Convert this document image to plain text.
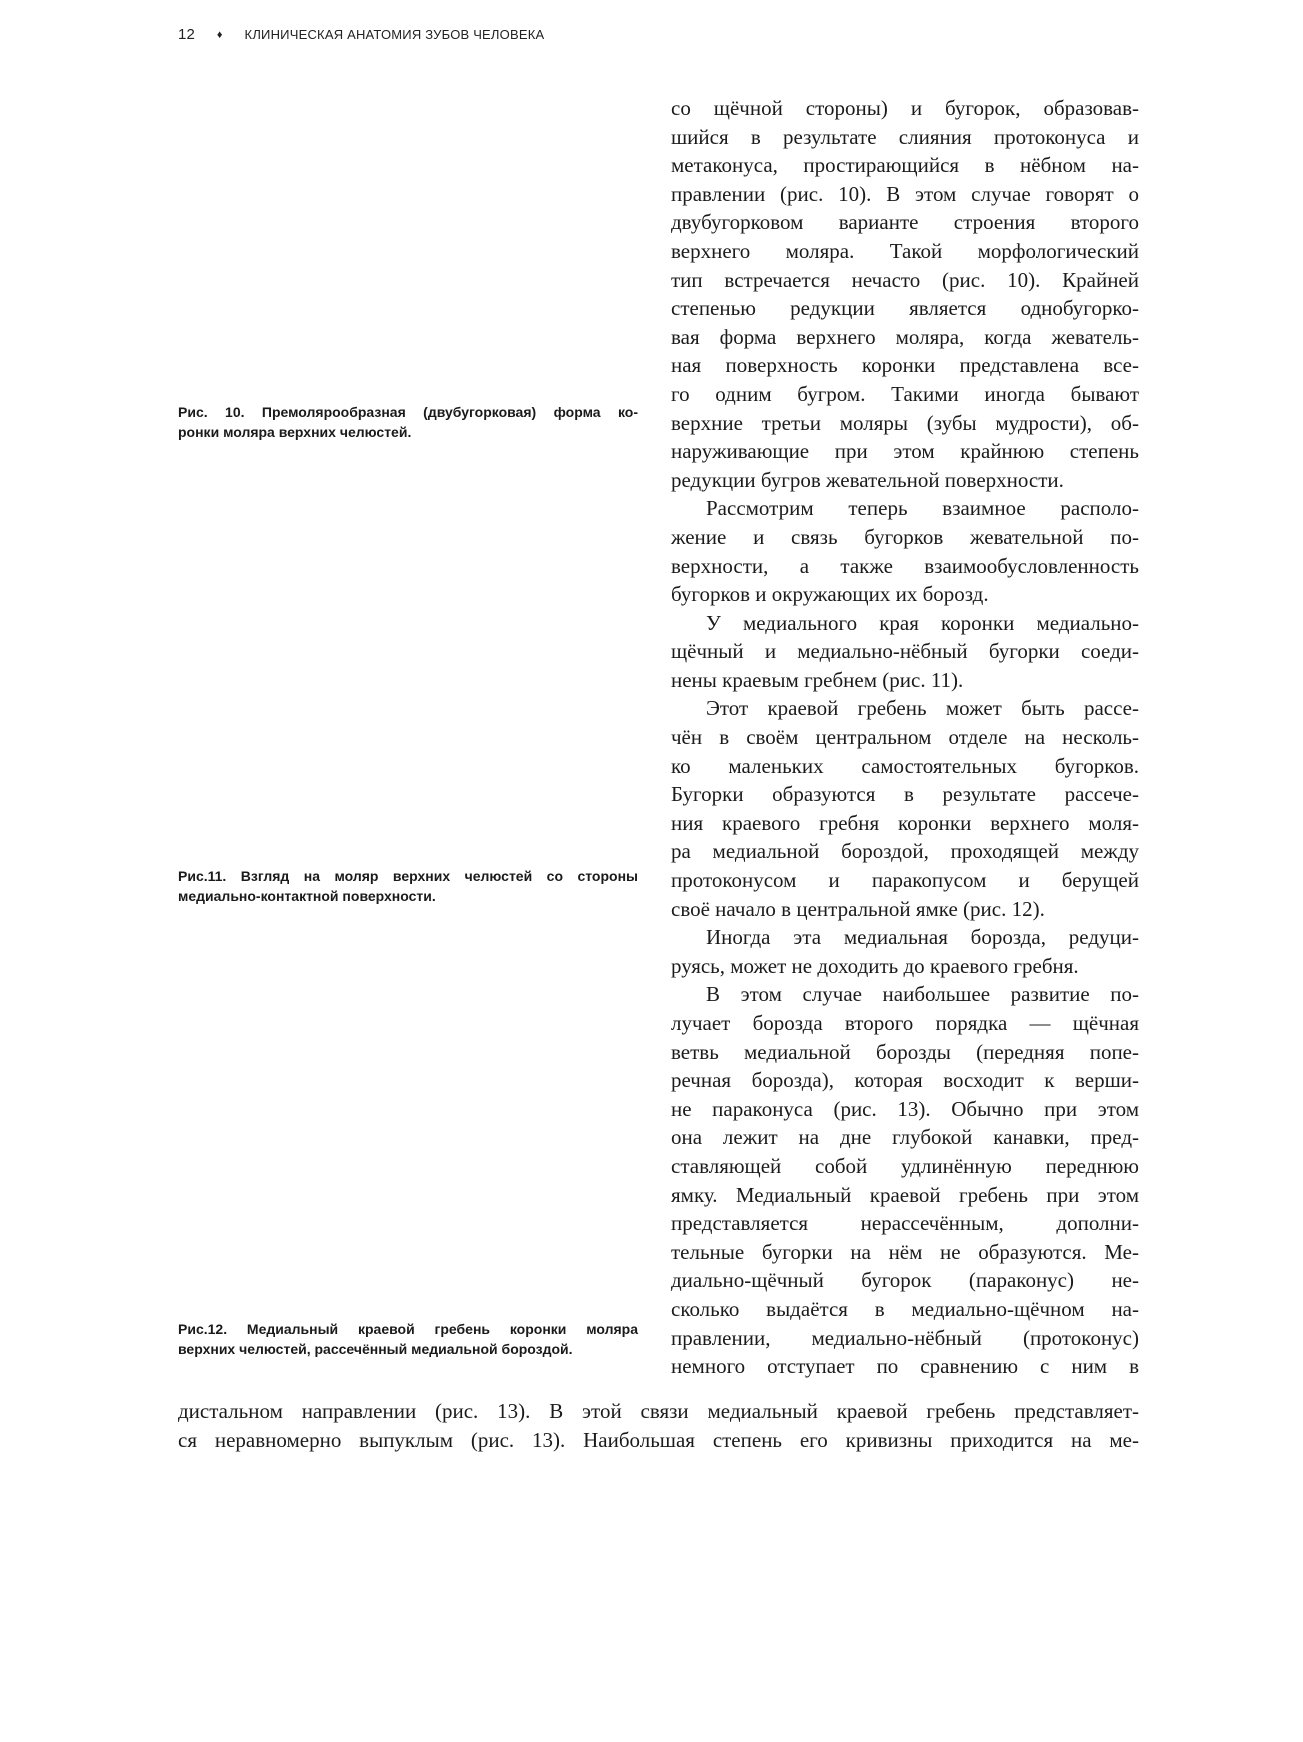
12 ♦ КЛИНИЧЕСКАЯ АНАТОМИЯ ЗУБОВ ЧЕЛОВЕКА
Рис. 10. Премолярообразная (двубугорковая) форма ко-
ронки моляра верхних челюстей.
Рис.11. Взгляд на моляр верхних челюстей со стороны
медиально-контактной поверхности.
Рис.12. Медиальный краевой гребень коронки моляра
верхних челюстей, рассечённый медиальной бороздой.
со щёчной стороны) и бугорок, образовав-
шийся в результате слияния протоконуса и
метаконуса, простирающийся в нёбном на-
правлении (рис. 10). В этом случае говорят о
двубугорковом варианте строения второго
верхнего моляра. Такой морфологический
тип встречается нечасто (рис. 10). Крайней
степенью редукции является однобугорко-
вая форма верхнего моляра, когда жеватель-
ная поверхность коронки представлена все-
го одним бугром. Такими иногда бывают
верхние третьи моляры (зубы мудрости), об-
наруживающие при этом крайнюю степень
редукции бугров жевательной поверхности.
Рассмотрим теперь взаимное располо-
жение и связь бугорков жевательной по-
верхности, а также взаимообусловленность
бугорков и окружающих их борозд.
У медиального края коронки медиально-
щёчный и медиально-нёбный бугорки соеди-
нены краевым гребнем (рис. 11).
Этот краевой гребень может быть рассе-
чён в своём центральном отделе на несколь-
ко маленьких самостоятельных бугорков.
Бугорки образуются в результате рассече-
ния краевого гребня коронки верхнего моля-
ра медиальной бороздой, проходящей между
протоконусом и паракопусом и берущей
своё начало в центральной ямке (рис. 12).
Иногда эта медиальная борозда, редуци-
руясь, может не доходить до краевого гребня.
В этом случае наибольшее развитие по-
лучает борозда второго порядка — щёчная
ветвь медиальной борозды (передняя попе-
речная борозда), которая восходит к верши-
не параконуса (рис. 13). Обычно при этом
она лежит на дне глубокой канавки, пред-
ставляющей собой удлинённую переднюю
ямку. Медиальный краевой гребень при этом
представляется нерассечённым, дополни-
тельные бугорки на нём не образуются. Ме-
диально-щёчный бугорок (параконус) не-
сколько выдаётся в медиально-щёчном на-
правлении, медиально-нёбный (протоконус)
немного отступает по сравнению с ним в
дистальном направлении (рис. 13). В этой связи медиальный краевой гребень представляет-
ся неравномерно выпуклым (рис. 13). Наибольшая степень его кривизны приходится на ме-
